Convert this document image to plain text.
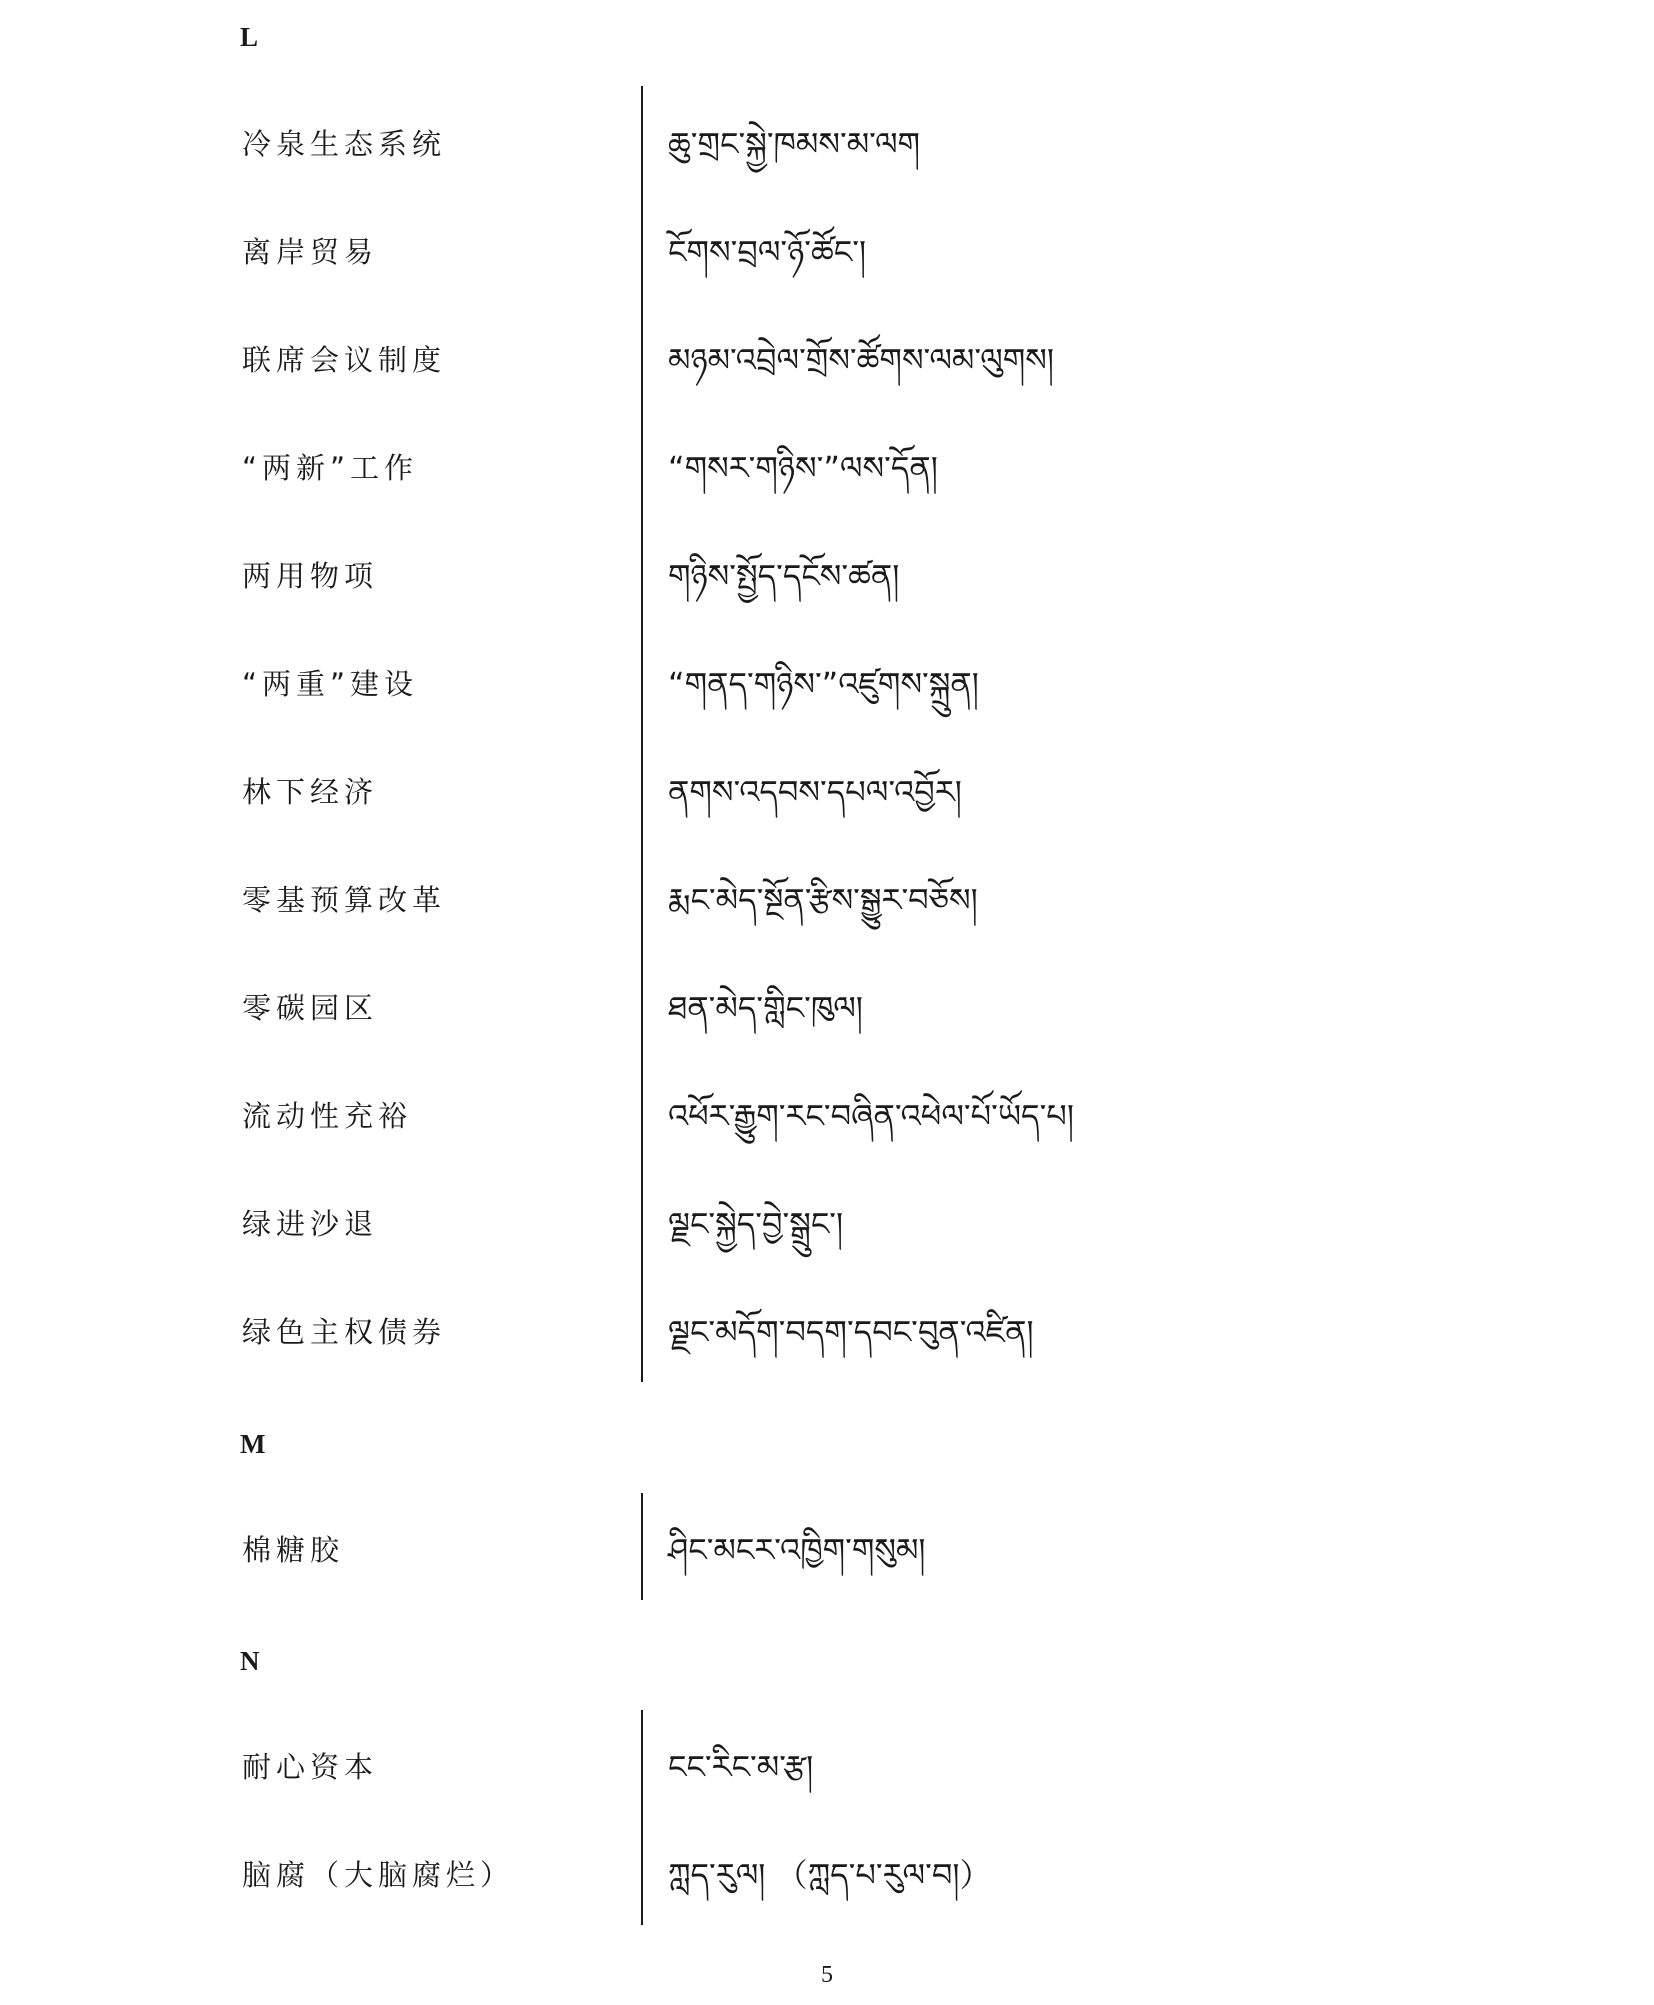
L
冷泉生态系统	ཆུ་གྲང་སྐྱེ་ཁམས་མ་ལག
离岸贸易	ངོགས་བྲལ་ཉོ་ཚོང་།
联席会议制度	མཉམ་འབྲེལ་གྲོས་ཚོགས་ལམ་ལུགས།
“两新”工作	“གསར་གཉིས་”ལས་དོན།
两用物项	གཉིས་སྤྱོད་དངོས་ཚན།
“两重”建设	“གནད་གཉིས་”འཛུགས་སྐྲུན།
林下经济	ནགས་འདབས་དཔལ་འབྱོར།
零基预算改革	རྨང་མེད་སྔོན་རྩིས་སྒྱུར་བཅོས།
零碳园区	ཐན་མེད་གླིང་ཁུལ།
流动性充裕	འཕོར་རྒྱུག་རང་བཞིན་འཕེལ་པོ་ཡོད་པ།
绿进沙退	ལྗང་སྐྱེད་བྱེ་སྒྲུང་།
绿色主权债券	ལྗང་མདོག་བདག་དབང་བུན་འཛིན།
M
棉糖胶	ཤིང་མངར་འཁྱིག་གསུམ།
N
耐心资本	ངང་རིང་མ་རྩ།
脑腐（大脑腐烂）	ཀླད་རུལ། （ཀླད་པ་རུལ་བ།）
5
